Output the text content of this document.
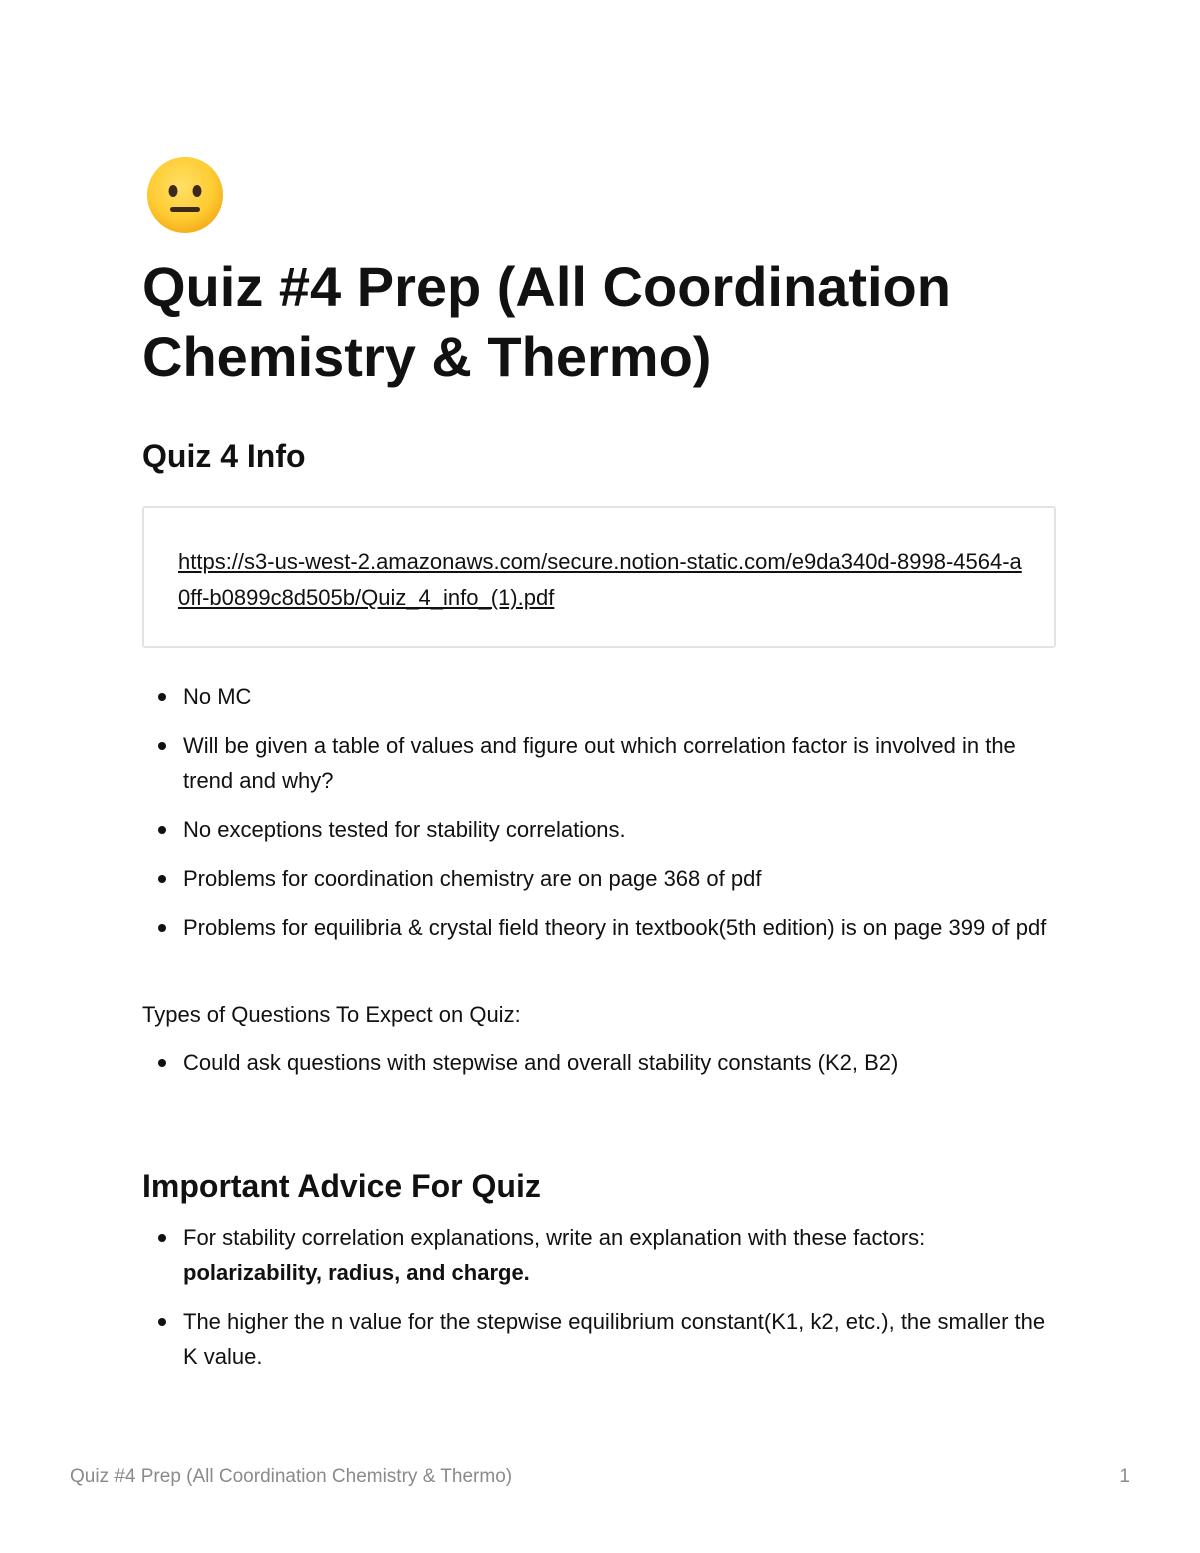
Quiz #4 Prep (All Coordination Chemistry & Thermo)
Quiz 4 Info
https://s3-us-west-2.amazonaws.com/secure.notion-static.com/e9da340d-8998-4564-a0ff-b0899c8d505b/Quiz_4_info_(1).pdf
No MC
Will be given a table of values and figure out which correlation factor is involved in the trend and why?
No exceptions tested for stability correlations.
Problems for coordination chemistry are on page 368 of pdf
Problems for equilibria & crystal field theory in textbook(5th edition) is on page 399 of pdf

Types of Questions To Expect on Quiz:

Could ask questions with stepwise and overall stability constants (K2, B2)
Important Advice For Quiz
For stability correlation explanations, write an explanation with these factors:
polarizability, radius, and charge.
The higher the n value for the stepwise equilibrium constant(K1, k2, etc.), the smaller the K value.
Quiz #4 Prep (All Coordination Chemistry & Thermo)	1
